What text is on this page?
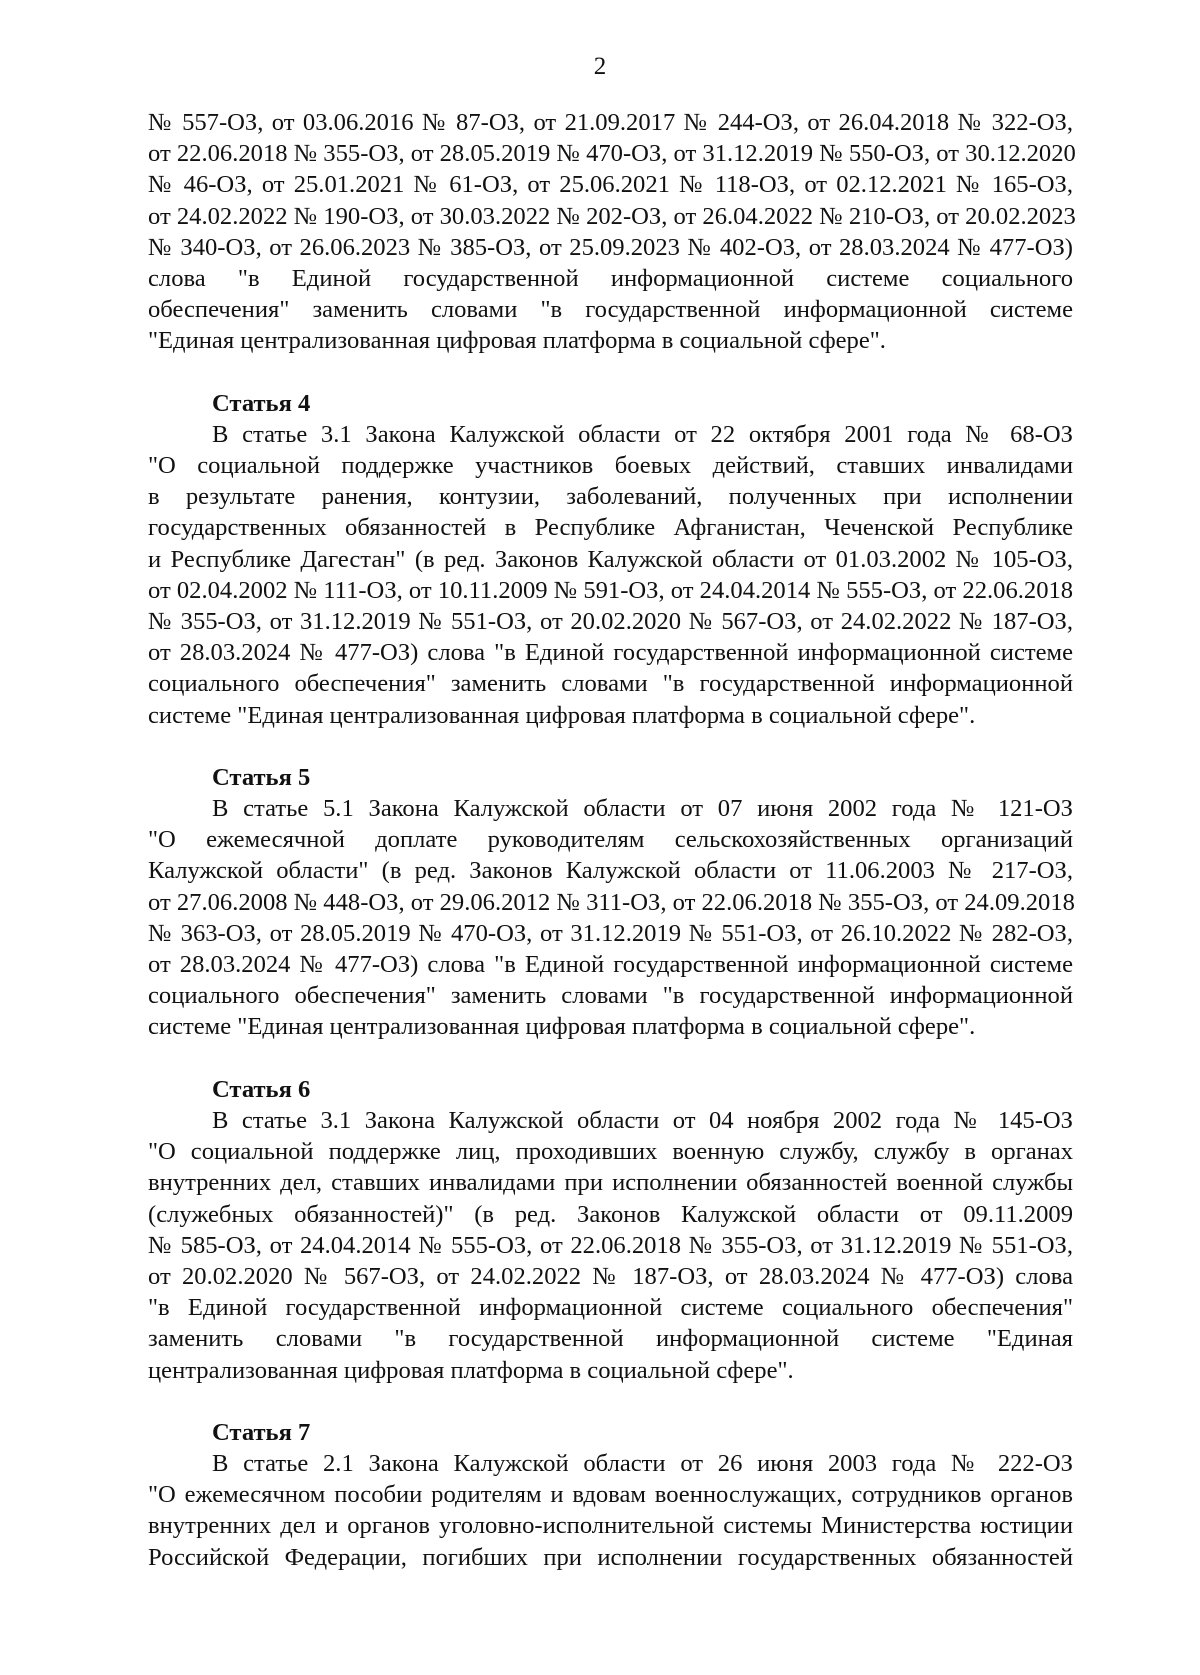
2
№ 557-ОЗ, от 03.06.2016 № 87-ОЗ, от 21.09.2017 № 244-ОЗ, от 26.04.2018 № 322-ОЗ,
от 22.06.2018 № 355-ОЗ, от 28.05.2019 № 470-ОЗ, от 31.12.2019 № 550-ОЗ, от 30.12.2020
№ 46-ОЗ, от 25.01.2021 № 61-ОЗ, от 25.06.2021 № 118-ОЗ, от 02.12.2021 № 165-ОЗ,
от 24.02.2022 № 190-ОЗ, от 30.03.2022 № 202-ОЗ, от 26.04.2022 № 210-ОЗ, от 20.02.2023
№ 340-ОЗ, от 26.06.2023 № 385-ОЗ, от 25.09.2023 № 402-ОЗ, от 28.03.2024 № 477-ОЗ)
слова "в Единой государственной информационной системе социального
обеспечения" заменить словами "в государственной информационной системе
"Единая централизованная цифровая платформа в социальной сфере".
Статья 4
В статье 3.1 Закона Калужской области от 22 октября 2001 года № 68-ОЗ
"О социальной поддержке участников боевых действий, ставших инвалидами
в результате ранения, контузии, заболеваний, полученных при исполнении
государственных обязанностей в Республике Афганистан, Чеченской Республике
и Республике Дагестан" (в ред. Законов Калужской области от 01.03.2002 № 105-ОЗ,
от 02.04.2002 № 111-ОЗ, от 10.11.2009 № 591-ОЗ, от 24.04.2014 № 555-ОЗ, от 22.06.2018
№ 355-ОЗ, от 31.12.2019 № 551-ОЗ, от 20.02.2020 № 567-ОЗ, от 24.02.2022 № 187-ОЗ,
от 28.03.2024 № 477-ОЗ) слова "в Единой государственной информационной системе
социального обеспечения" заменить словами "в государственной информационной
системе "Единая централизованная цифровая платформа в социальной сфере".
Статья 5
В статье 5.1 Закона Калужской области от 07 июня 2002 года № 121-ОЗ
"О ежемесячной доплате руководителям сельскохозяйственных организаций
Калужской области" (в ред. Законов Калужской области от 11.06.2003 № 217-ОЗ,
от 27.06.2008 № 448-ОЗ, от 29.06.2012 № 311-ОЗ, от 22.06.2018 № 355-ОЗ, от 24.09.2018
№ 363-ОЗ, от 28.05.2019 № 470-ОЗ, от 31.12.2019 № 551-ОЗ, от 26.10.2022 № 282-ОЗ,
от 28.03.2024 № 477-ОЗ) слова "в Единой государственной информационной системе
социального обеспечения" заменить словами "в государственной информационной
системе "Единая централизованная цифровая платформа в социальной сфере".
Статья 6
В статье 3.1 Закона Калужской области от 04 ноября 2002 года № 145-ОЗ
"О социальной поддержке лиц, проходивших военную службу, службу в органах
внутренних дел, ставших инвалидами при исполнении обязанностей военной службы
(служебных обязанностей)" (в ред. Законов Калужской области от 09.11.2009
№ 585-ОЗ, от 24.04.2014 № 555-ОЗ, от 22.06.2018 № 355-ОЗ, от 31.12.2019 № 551-ОЗ,
от 20.02.2020 № 567-ОЗ, от 24.02.2022 № 187-ОЗ, от 28.03.2024 № 477-ОЗ) слова
"в Единой государственной информационной системе социального обеспечения"
заменить словами "в государственной информационной системе "Единая
централизованная цифровая платформа в социальной сфере".
Статья 7
В статье 2.1 Закона Калужской области от 26 июня 2003 года № 222-ОЗ
"О ежемесячном пособии родителям и вдовам военнослужащих, сотрудников органов
внутренних дел и органов уголовно-исполнительной системы Министерства юстиции
Российской Федерации, погибших при исполнении государственных обязанностей
